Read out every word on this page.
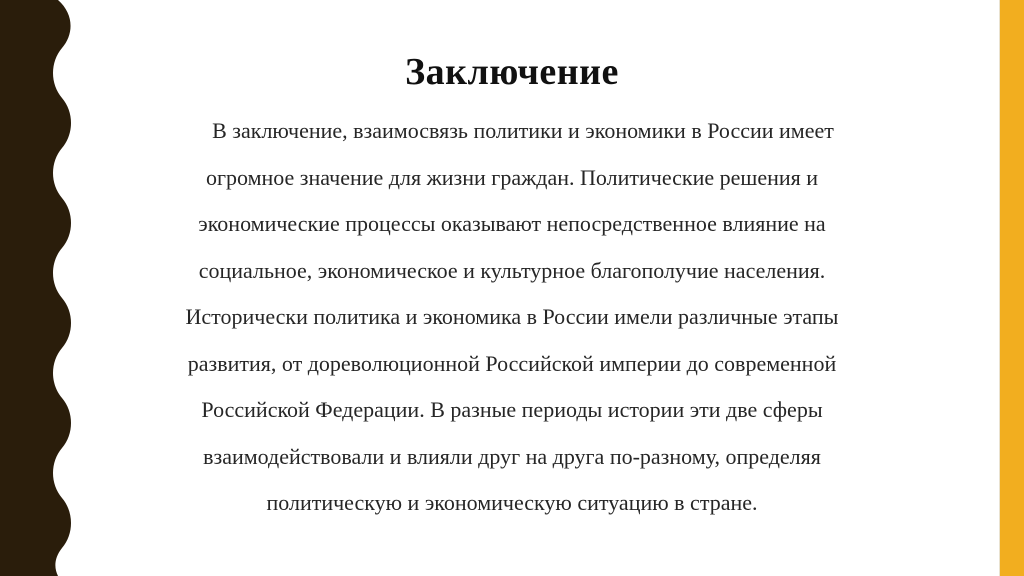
Заключение

В заключение, взаимосвязь политики и экономики в России имеет
огромное значение для жизни граждан. Политические решения и
экономические процессы оказывают непосредственное влияние на
социальное, экономическое и культурное благополучие населения.
Исторически политика и экономика в России имели различные этапы
развития, от дореволюционной Российской империи до современной
Российской Федерации. В разные периоды истории эти две сферы
взаимодействовали и влияли друг на друга по-разному, определяя
политическую и экономическую ситуацию в стране.
